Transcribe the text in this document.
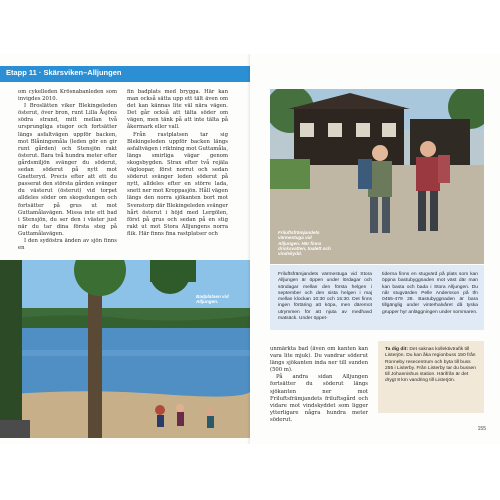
Etapp 11 · Skärsviken–Alljungen

om cykelleden Krösnabanleden som invigdes 2010.

I Broslätten viker Blekingeleden österut, över bron, runt Lilla Åsjöns södra strand, mitt mellan två ursprungliga stugor och fortsätter längs asfaltvägen uppför backen, mot Blåningsmåla (leden gör en gir runt gården) och Stensjön rakt österut. Bara två hundra meter efter gårdsmiljön svänger du söderut, sedan söderut på nytt mot Gnetteryd. Precis efter att ett du passerat den största gården svänger du västerut (österut) vid torpet alldeles söder om skogsdungen och fortsätter på grus ut mot Guttamålavägen. Missa inte ett bad i Stensjön, du ser den i väster just när du tar dina första steg på Guttamålavägen.

I den sydöstra änden av sjön finns en

fin badplats med brygga. Här kan man också sätta upp ett tält även om det kan kännas lite väl nära vägen. Det går också att tälta söder om vägen, men tänk på att inte tälta på åkermark eller vall.

Från rastplatsen tar sig Blekingeleden uppför backen längs asfaltvägen i riktning mot Guttamåla, längs smirliga vägar genom skogsbygden. Strax efter två rejäla vägloopar, först norrut och sedan söderut svänger leden söderut på nytt, alldeles efter en större lada, snett ner mot Kroppasjön. Håll vägen längs den norra sjökanten bort mot Svenstorp där Blekingeleden svänger hårt österut i höjd med Lergölen, först på grus och sedan på en stig rakt ut mot Stora Alljungens norra flik. Här finns fina rastplatser och

Badplatsen vid Alljungen.
Friluftsfrämjandets värmestuga vid Alljungen. Här finns dricksvatten, toalett och vindskydd.
Friluftsfrämjandets värmestuga vid Stora Alljungen är öppen under lördagar och söndagar mellan den första helgen i september och den sista helgen i maj mellan klockan 10:30 och 15:30. Det finns ingen förtäring att köpa, men däremot utrymmen för att njuta av medhavd matsäck. Under öppet-
tiderna finns en stugvärd på plats som kan öppna bastubyggnaden mot väst där man kan basta och bada i Stora Alljungen. Du når stugvärden Pelle Andersson på tfn 0455-479 28. Bastubyggnaden är bara tillgänglig under vinterhalvåret då tyska grupper hyr anläggningen under sommaren.

unmärkta bad (även om kanten kan vara lite mjuk). Du vandrar söderut längs sjökanten inda ner till sunden (500 m).

På andra sidan Alljungen fortsätter du söderut längs sjökanten ner mot Friluftsfrämjandets friluftsgård och vidare mot vindskyddet som ligger ytterligare några hundra meter söderut.

Ta dig dit: Det saknas kollektivtrafik till Listerjön. Du kan åka regionbuss 150 från Ronneby resecentrum och byta till buss 255 i Listerby. Från Listerby tar du bussen till Johannishus station. Härifrån är det drygt 8 km vandring till Listerjön.
155
